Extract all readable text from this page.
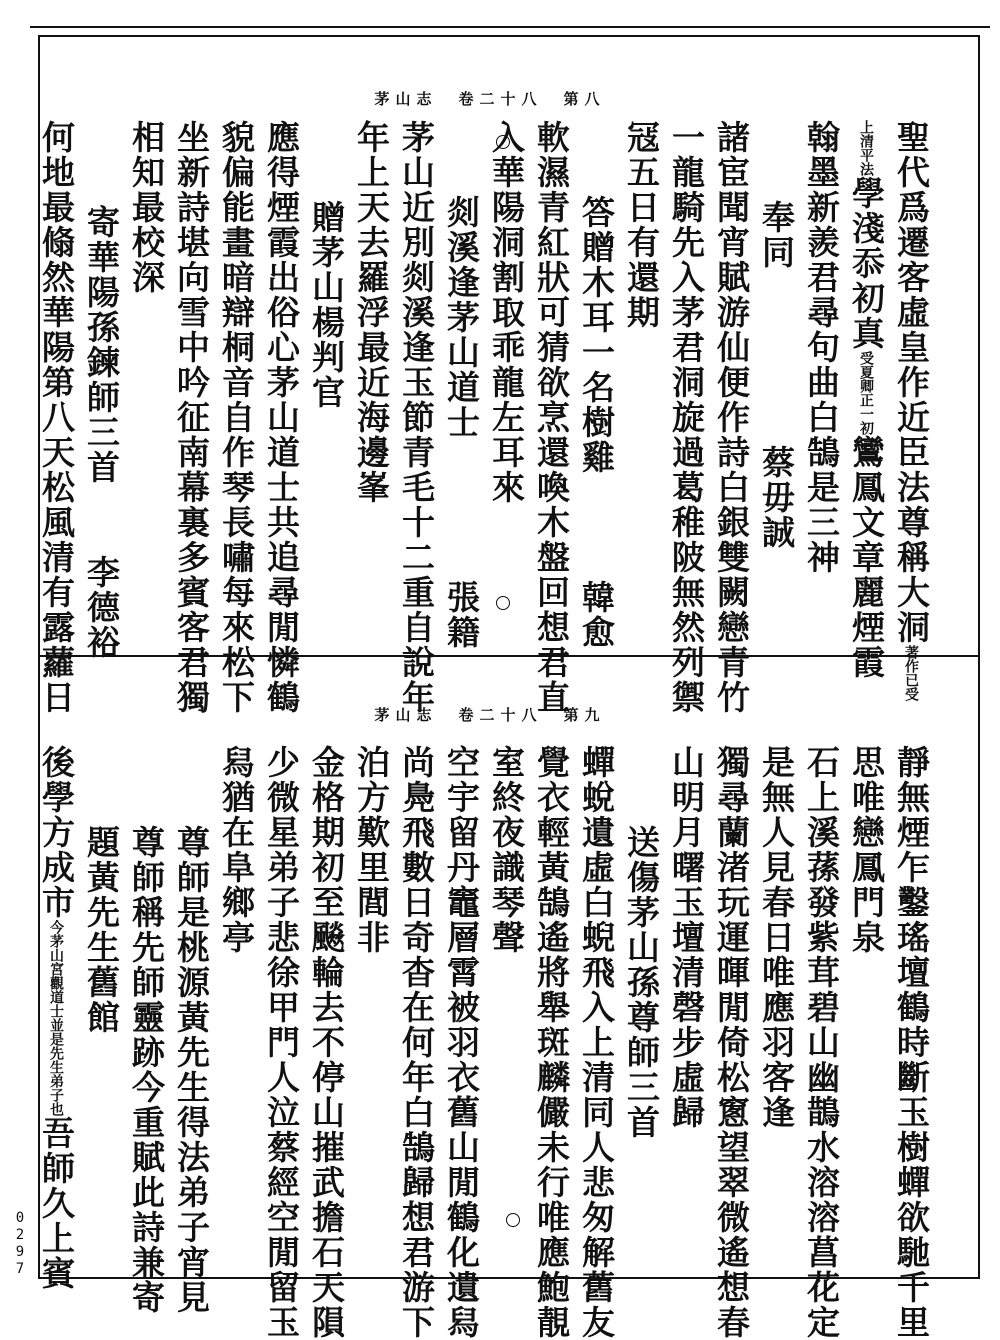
茅山志　卷二十八　第八
聖代爲遷客虛皇作近臣法尊稱大洞著作已受
上清平法學淺忝初真受夏卿正一初鸞鳳文章麗煙霞
翰墨新羨君尋句曲白鵠是三神
奉同　　　　　蔡毋誠
諸宦聞宵賦游仙便作詩白銀雙闕戀青竹
一龍騎先入茅君洞旋過葛稚陂無然列禦
冦五日有還期
答贈木耳一名樹雞　　　韓愈
軟濕青紅狀可猜欲烹還喚木盤回想君直
入華陽洞割取乖龍左耳來
剡溪逢茅山道士　　　　張籍
茅山近別剡溪逢玉節青毛十二重自說年
年上天去羅浮最近海邊峯
贈茅山楊判官
應得煙霞出俗心茅山道士共追尋閒憐鶴
貌偏能畫暗辯桐音自作琴長嘯每來松下
坐新詩堪向雪中吟征南幕裏多賓客君獨
相知最校深
寄華陽孫鍊師三首　　李德裕
何地最翛然華陽第八天松風清有露蘿日	茅山志　卷二十八　第九
靜無煙乍鑿瑤壇鶴時斷玉樹蟬欲馳千里
思唯戀鳳門泉
石上溪蓀發紫茸碧山幽鵲水溶溶菖花定
是無人見春日唯應羽客逢
獨尋蘭渚玩運暉閒倚松窻望翠微遙想春
山明月曙玉壇清磬步虛歸
送傷茅山孫尊師三首
蟬蛻遺虛白蜺飛入上清同人悲匆解舊友
覺衣輕黃鵠遙將舉斑麟儼未行唯應鮑靚
室終夜識琴聲
空宇留丹竈層霄被羽衣舊山閒鶴化遺舄
尚鳧飛數日奇杳在何年白鵠歸想君游下
泊方歎里閭非
金格期初至飈輪去不停山摧武擔石天隕
少微星弟子悲徐甲門人泣蔡經空閒留玉
舄猶在阜鄉亭
尊師是桃源黃先生得法弟子宵見
尊師稱先師靈跡今重賦此詩兼寄
題黃先生舊館
後學方成市今茅山宮觀道士並是先生弟子也吾師久上賓
0297
